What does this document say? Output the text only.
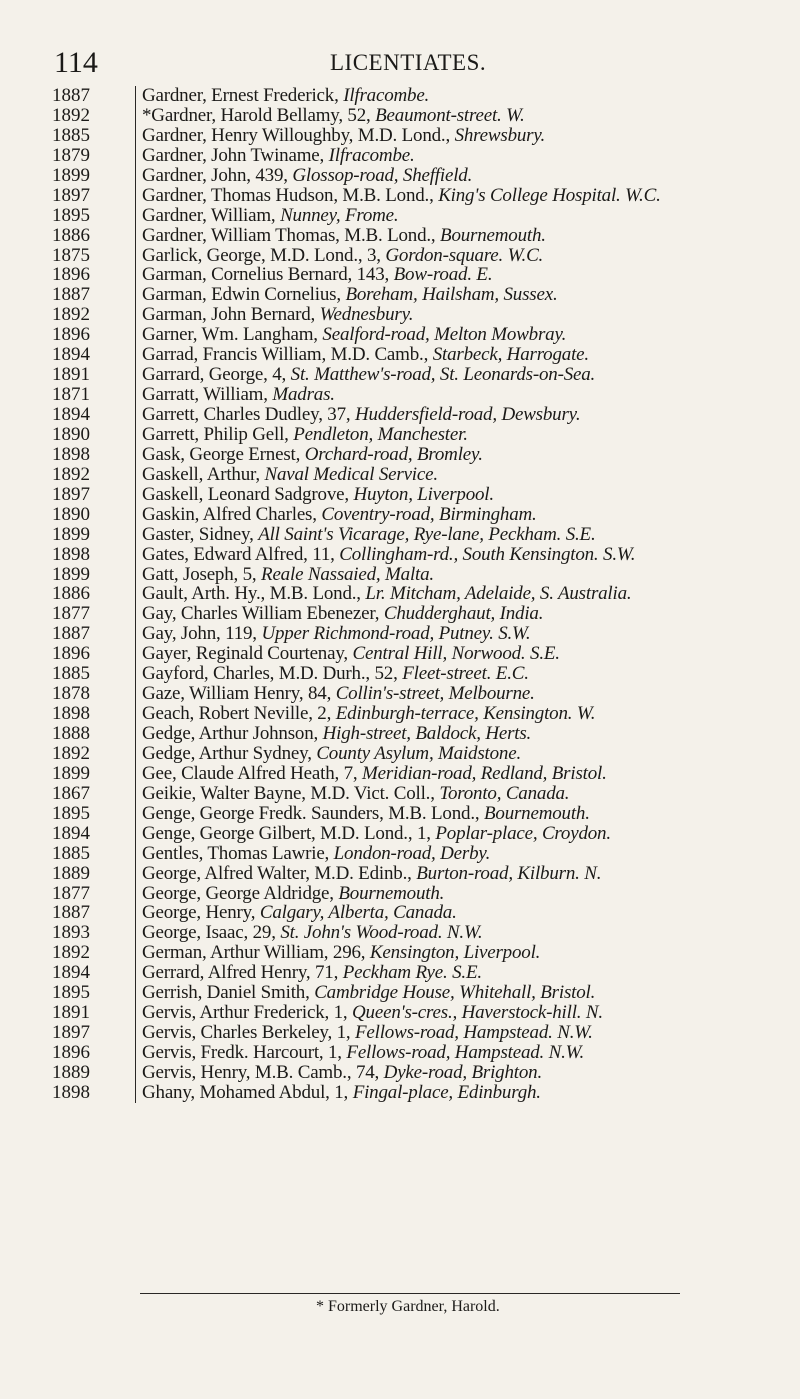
114	LICENTIATES.
1887	Gardner, Ernest Frederick, Ilfracombe.
1892	*Gardner, Harold Bellamy, 52, Beaumont-street. W.
1885	Gardner, Henry Willoughby, M.D. Lond., Shrewsbury.
1879	Gardner, John Twiname, Ilfracombe.
1899	Gardner, John, 439, Glossop-road, Sheffield.
1897	Gardner, Thomas Hudson, M.B. Lond., King's College Hospital. W.C.
1895	Gardner, William, Nunney, Frome.
1886	Gardner, William Thomas, M.B. Lond., Bournemouth.
1875	Garlick, George, M.D. Lond., 3, Gordon-square. W.C.
1896	Garman, Cornelius Bernard, 143, Bow-road. E.
1887	Garman, Edwin Cornelius, Boreham, Hailsham, Sussex.
1892	Garman, John Bernard, Wednesbury.
1896	Garner, Wm. Langham, Sealford-road, Melton Mowbray.
1894	Garrad, Francis William, M.D. Camb., Starbeck, Harrogate.
1891	Garrard, George, 4, St. Matthew's-road, St. Leonards-on-Sea.
1871	Garratt, William, Madras.
1894	Garrett, Charles Dudley, 37, Huddersfield-road, Dewsbury.
1890	Garrett, Philip Gell, Pendleton, Manchester.
1898	Gask, George Ernest, Orchard-road, Bromley.
1892	Gaskell, Arthur, Naval Medical Service.
1897	Gaskell, Leonard Sadgrove, Huyton, Liverpool.
1890	Gaskin, Alfred Charles, Coventry-road, Birmingham.
1899	Gaster, Sidney, All Saint's Vicarage, Rye-lane, Peckham. S.E.
1898	Gates, Edward Alfred, 11, Collingham-rd., South Kensington. S.W.
1899	Gatt, Joseph, 5, Reale Nassaied, Malta.
1886	Gault, Arth. Hy., M.B. Lond., Lr. Mitcham, Adelaide, S. Australia.
1877	Gay, Charles William Ebenezer, Chudderghaut, India.
1887	Gay, John, 119, Upper Richmond-road, Putney. S.W.
1896	Gayer, Reginald Courtenay, Central Hill, Norwood. S.E.
1885	Gayford, Charles, M.D. Durh., 52, Fleet-street. E.C.
1878	Gaze, William Henry, 84, Collin's-street, Melbourne.
1898	Geach, Robert Neville, 2, Edinburgh-terrace, Kensington. W.
1888	Gedge, Arthur Johnson, High-street, Baldock, Herts.
1892	Gedge, Arthur Sydney, County Asylum, Maidstone.
1899	Gee, Claude Alfred Heath, 7, Meridian-road, Redland, Bristol.
1867	Geikie, Walter Bayne, M.D. Vict. Coll., Toronto, Canada.
1895	Genge, George Fredk. Saunders, M.B. Lond., Bournemouth.
1894	Genge, George Gilbert, M.D. Lond., 1, Poplar-place, Croydon.
1885	Gentles, Thomas Lawrie, London-road, Derby.
1889	George, Alfred Walter, M.D. Edinb., Burton-road, Kilburn. N.
1877	George, George Aldridge, Bournemouth.
1887	George, Henry, Calgary, Alberta, Canada.
1893	George, Isaac, 29, St. John's Wood-road. N.W.
1892	German, Arthur William, 296, Kensington, Liverpool.
1894	Gerrard, Alfred Henry, 71, Peckham Rye. S.E.
1895	Gerrish, Daniel Smith, Cambridge House, Whitehall, Bristol.
1891	Gervis, Arthur Frederick, 1, Queen's-cres., Haverstock-hill. N.
1897	Gervis, Charles Berkeley, 1, Fellows-road, Hampstead. N.W.
1896	Gervis, Fredk. Harcourt, 1, Fellows-road, Hampstead. N.W.
1889	Gervis, Henry, M.B. Camb., 74, Dyke-road, Brighton.
1898	Ghany, Mohamed Abdul, 1, Fingal-place, Edinburgh.
* Formerly Gardner, Harold.
